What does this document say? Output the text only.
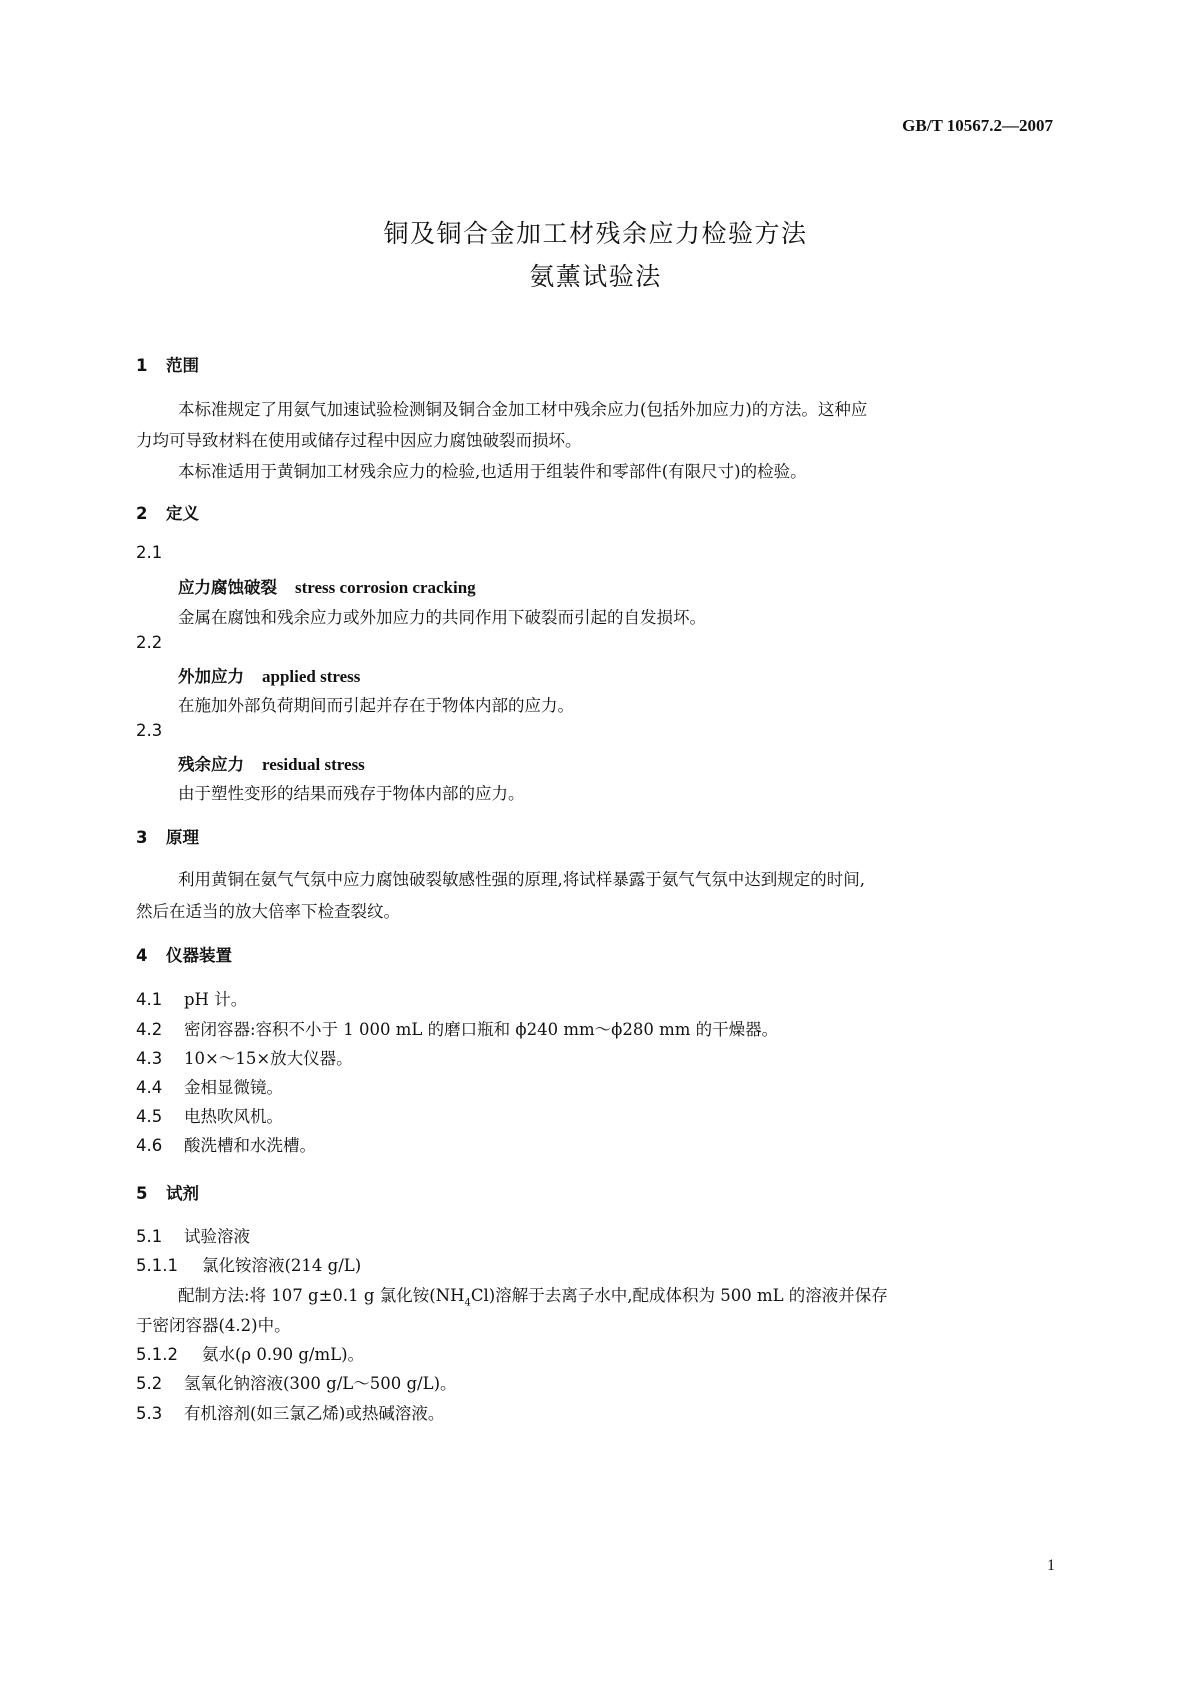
GB/T 10567.2—2007
铜及铜合金加工材残余应力检验方法
氨薰试验法
1 范围
本标准规定了用氨气加速试验检测铜及铜合金加工材中残余应力(包括外加应力)的方法。这种应
力均可导致材料在使用或储存过程中因应力腐蚀破裂而损坏。
本标准适用于黄铜加工材残余应力的检验,也适用于组装件和零部件(有限尺寸)的检验。
2 定义
2.1
应力腐蚀破裂 stress corrosion cracking
金属在腐蚀和残余应力或外加应力的共同作用下破裂而引起的自发损坏。
2.2
外加应力 applied stress
在施加外部负荷期间而引起并存在于物体内部的应力。
2.3
残余应力 residual stress
由于塑性变形的结果而残存于物体内部的应力。
3 原理
利用黄铜在氨气气氛中应力腐蚀破裂敏感性强的原理,将试样暴露于氨气气氛中达到规定的时间,
然后在适当的放大倍率下检查裂纹。
4 仪器装置
4.1 pH 计。
4.2 密闭容器:容积不小于 1 000 mL 的磨口瓶和 ϕ240 mm～ϕ280 mm 的干燥器。
4.3 10×～15×放大仪器。
4.4 金相显微镜。
4.5 电热吹风机。
4.6 酸洗槽和水洗槽。
5 试剂
5.1 试验溶液
5.1.1 氯化铵溶液(214 g/L)
配制方法:将 107 g±0.1 g 氯化铵$(NH_4Cl)$溶解于去离子水中,配成体积为 500 mL 的溶液并保存
于密闭容器(4.2)中。
5.1.2 氨水(ρ 0.90 g/mL)。
5.2 氢氧化钠溶液(300 g/L～500 g/L)。
5.3 有机溶剂(如三氯乙烯)或热碱溶液。
1
